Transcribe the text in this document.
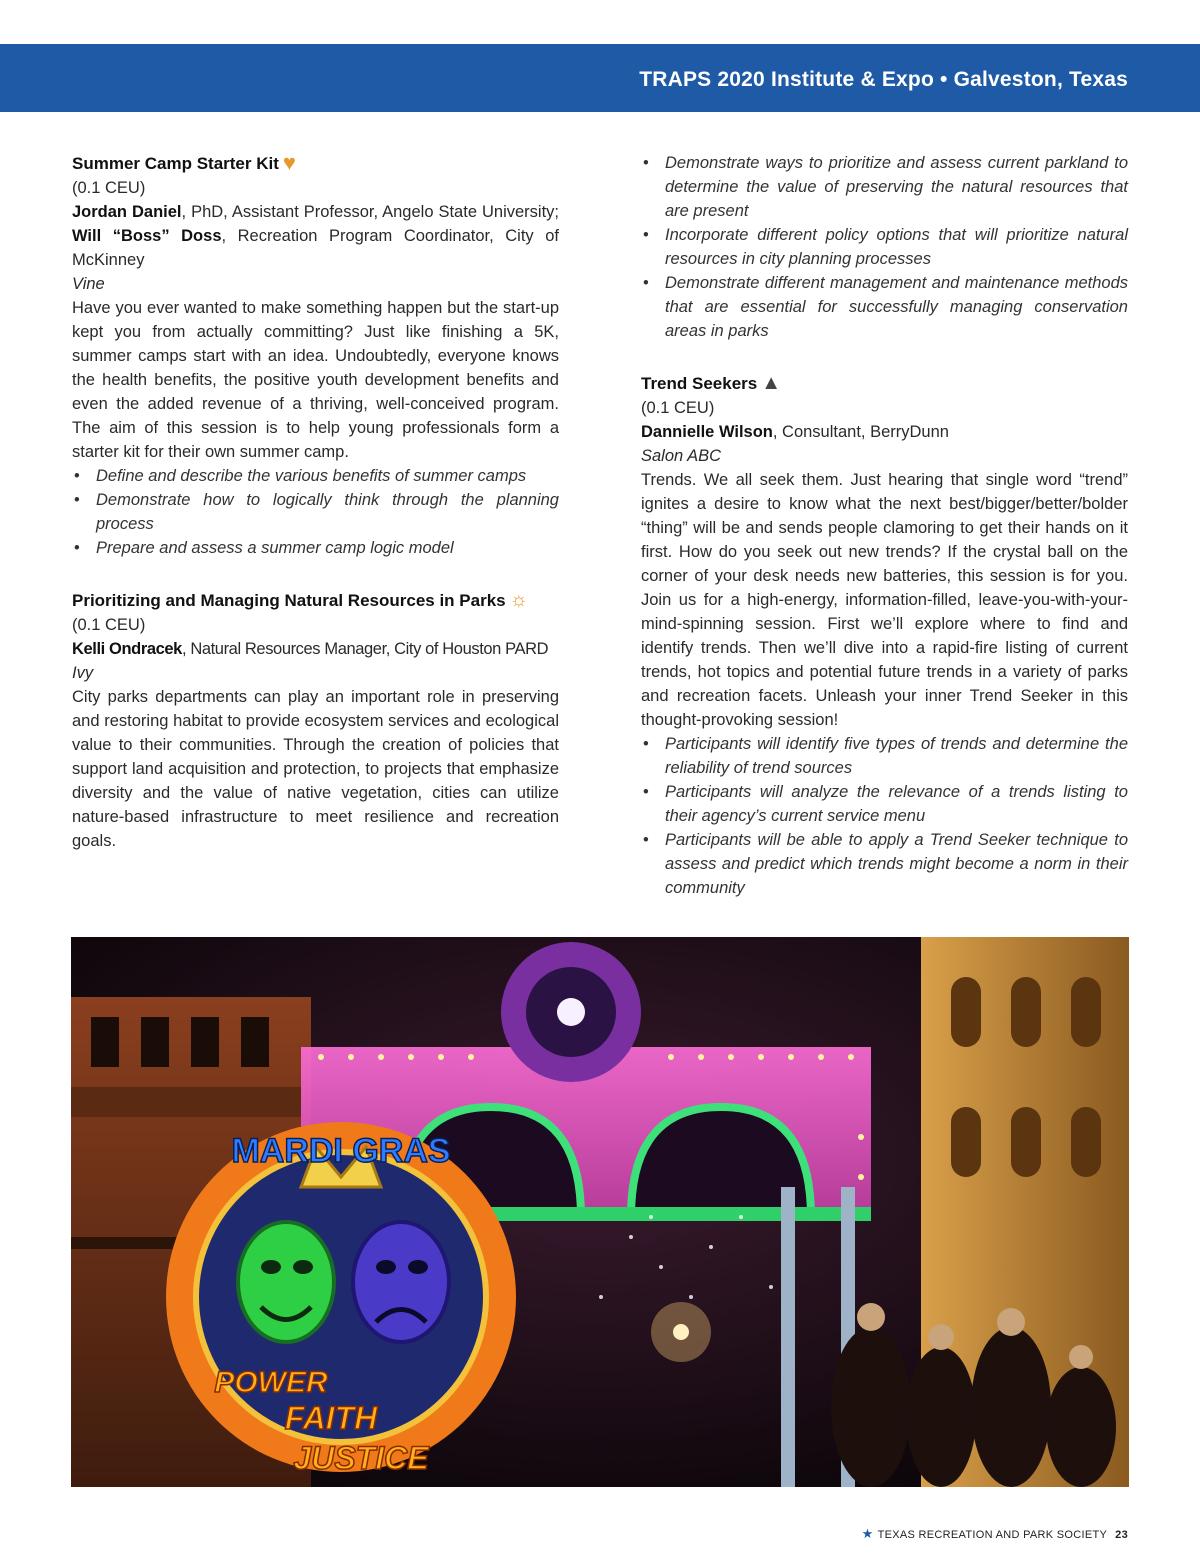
TRAPS 2020 Institute & Expo • Galveston, Texas
Summer Camp Starter Kit ♥
(0.1 CEU)
Jordan Daniel, PhD, Assistant Professor, Angelo State University; Will “Boss” Doss, Recreation Program Coordinator, City of McKinney
Vine
Have you ever wanted to make something happen but the start-up kept you from actually committing? Just like finishing a 5K, summer camps start with an idea. Undoubtedly, everyone knows the health benefits, the positive youth development benefits and even the added revenue of a thriving, well-conceived program. The aim of this session is to help young professionals form a starter kit for their own summer camp.
• Define and describe the various benefits of summer camps
• Demonstrate how to logically think through the planning process
• Prepare and assess a summer camp logic model
Prioritizing and Managing Natural Resources in Parks ☼
(0.1 CEU)
Kelli Ondracek, Natural Resources Manager, City of Houston PARD
Ivy
City parks departments can play an important role in preserving and restoring habitat to provide ecosystem services and ecological value to their communities. Through the creation of policies that support land acquisition and protection, to projects that emphasize diversity and the value of native vegetation, cities can utilize nature-based infrastructure to meet resilience and recreation goals.
• Demonstrate ways to prioritize and assess current parkland to determine the value of preserving the natural resources that are present
• Incorporate different policy options that will prioritize natural resources in city planning processes
• Demonstrate different management and maintenance methods that are essential for successfully managing conservation areas in parks
Trend Seekers ▲
(0.1 CEU)
Dannielle Wilson, Consultant, BerryDunn
Salon ABC
Trends. We all seek them. Just hearing that single word “trend” ignites a desire to know what the next best/bigger/better/bolder “thing” will be and sends people clamoring to get their hands on it first. How do you seek out new trends? If the crystal ball on the corner of your desk needs new batteries, this session is for you. Join us for a high-energy, information-filled, leave-you-with-your-mind-spinning session. First we’ll explore where to find and identify trends. Then we’ll dive into a rapid-fire listing of current trends, hot topics and potential future trends in a variety of parks and recreation facets. Unleash your inner Trend Seeker in this thought-provoking session!
• Participants will identify five types of trends and determine the reliability of trend sources
• Participants will analyze the relevance of a trends listing to their agency’s current service menu
• Participants will be able to apply a Trend Seeker technique to assess and predict which trends might become a norm in their community
MARDI GRAS
POWER
FAITH
JUSTICE
★ TEXAS RECREATION AND PARK SOCIETY 23
